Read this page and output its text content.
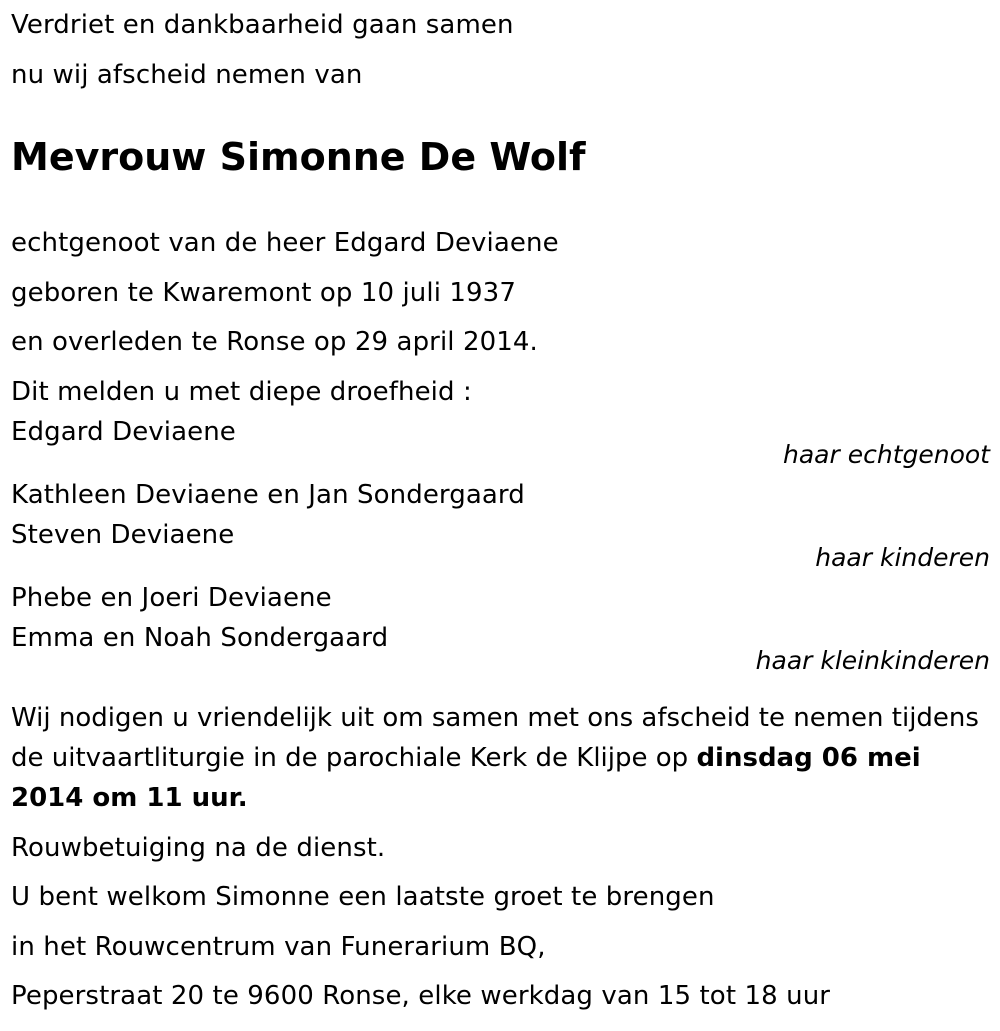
Verdriet en dankbaarheid gaan samen
nu wij afscheid nemen van
Mevrouw Simonne De Wolf
echtgenoot van de heer Edgard Deviaene
geboren te Kwaremont op 10 juli 1937
en overleden te Ronse op 29 april 2014.
Dit melden u met diepe droefheid :
Edgard Deviaene
haar echtgenoot
Kathleen Deviaene en Jan Sondergaard
Steven Deviaene
haar kinderen
Phebe en Joeri Deviaene
Emma en Noah Sondergaard
haar kleinkinderen
Wij nodigen u vriendelijk uit om samen met ons afscheid te nemen tijdens de uitvaartliturgie in de parochiale Kerk de Klijpe op dinsdag 06 mei 2014 om 11 uur.
Rouwbetuiging na de dienst.
U bent welkom Simonne een laatste groet te brengen
in het Rouwcentrum van Funerarium BQ,
Peperstraat 20 te 9600 Ronse, elke werkdag van 15 tot 18 uur
